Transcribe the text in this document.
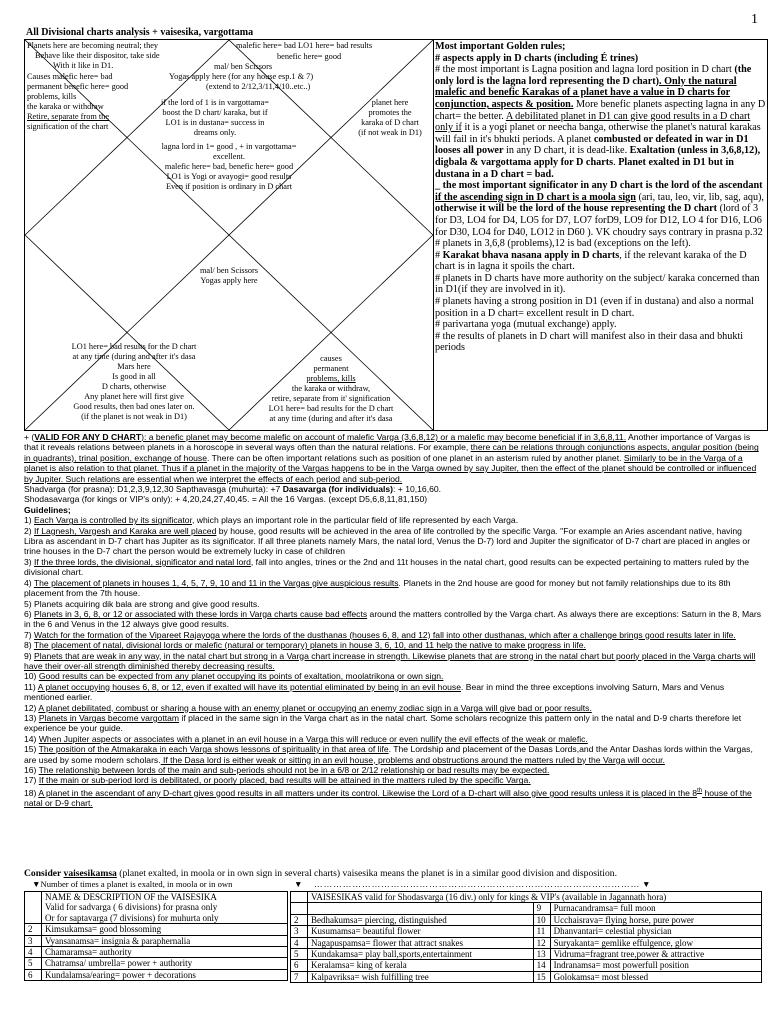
1
All Divisional charts analysis + vaisesika, vargottama
Planets here are becoming neutral; they
Behave like their dispositor, take side
With it like in D1.
malefic here= bad LO1 here= bad results
benefic here= good
mal/ ben Scissors
Yogas apply here (for any house esp.1 & 7)
(extend to 2/12,3/11,4/10..etc..)
Causes malefic here= bad
permanent benefic here= good
problems, kills
the karaka or withdraw
Retire, separate from the
signification of the chart
if the lord of 1 is in vargottama=
boost the D chart/ karaka, but if
LO1 is in dustana= success in
dreams only.
planet here
promotes the
karaka of D chart
(if not weak in D1)
lagna lord in 1= good , + in vargottama=
excellent.
malefic here= bad, benefic here= good
LO1 is Yogi or avayogi= good results
Even if position is ordinary in D chart
mal/ ben Scissors
Yogas apply here
LO1 here= bad results for the D chart
at any time (during and after it's dasa
Mars here
Is good in all
D charts, otherwise
Any planet here will first give
Good results, then bad ones later on.
(if the planet is not weak in D1)
causes
permanent
problems, kills
the karaka or withdraw,
retire, separate from it' signification
LO1 here= bad results for the D chart
at any time (during and after it's dasa

Most important Golden rules;

# aspects apply in D charts (including É trines)

# the most important is Lagna position and lagna lord position in D chart (the only lord is the lagna lord representing the D chart). Only the natural malefic and benefic Karakas of a planet have a value in D charts for conjunction, aspects & position. More benefic planets aspecting lagna in any D chart= the better. A debilitated planet in D1 can give good results in a D chart only if it is a yogi planet or neecha banga, otherwise the planet's natural karakas will fail in it's bhukti periods. A planet combusted or defeated in war in D1 looses all power in any D chart, it is dead-like. Exaltation (unless in 3,6,8,12), digbala & vargottama apply for D charts. Planet exalted in D1 but in dustana in a D chart = bad.

_ the most important significator in any D chart is the lord of the ascendant if the ascending sign in D chart is a moola sign (ari, tau, leo, vir, lib, sag, aqu), otherwise it will be the lord of the house representing the D chart (lord of 3 for D3, LO4 for D4, LO5 for D7, LO7 forD9, LO9 for D12, LO 4 for D16, LO6 for D30, LO4 for D40, LO12 in D60 ). VK choudry says contrary in prasna p.32

# planets in 3,6,8 (problems),12 is bad (exceptions on the left).

# Karakat bhava nasana apply in D charts, if the relevant karaka of the D chart is in lagna it spoils the chart.

# planets in D charts have more authority on the subject/ karaka concerned than in D1(if they are involved in it).

# planets having a strong position in D1 (even if in dustana) and also a normal position in a D chart= excellent result in D chart.

# parivartana yoga (mutual exchange) apply.

# the results of planets in D chart will manifest also in their dasa and bhukti periods

+ (VALID FOR ANY D CHART): a benefic planet may become malefic on account of malefic Varga (3,6,8,12) or a malefic may become beneficial if in 3,6,8,11. Another importance of Vargas is that it reveals relations between planets in a horoscope in several ways often than the natural relations. For example, there can be relations through conjunctions aspects, angular position (being in quadrants), trinal position, exchange of house. There can be often important relations such as position of one planet in an asterism ruled by another planet. Similarly to be in the Varga of a planet is also relation to that planet. Thus if a planet in the majority of the Vargas happens to be in the Varga owned by say Jupiter, then the effect of the planet should be controlled or influenced by Jupiter. Such relations are essential when we interpret the effects of each period and sub-period.

Shadvarga (for prasna): D1,2,3,9,12,30 Sapthavasga (muhurta): +7 Dasavarga (for individuals): + 10,16,60.

Shodasavarga (for kings or VIP's only): + 4,20,24,27,40,45. = All the 16 Vargas. (except D5,6,8,11,81,150)

Guidelines;

1) Each Varga is controlled by its significator, which plays an important role in the particular field of life represented by each Varga.

2) If Lagnesh, Vargesh and Karaka are well placed by house, good results will be achieved in the area of life controlled by the specific Varga. "For example an Aries ascendant native, having Libra as ascendant in D-7 chart has Jupiter as its significator. If all three planets namely Mars, the natal lord, Venus the D-7) lord and Jupiter the significator of D-7 chart are placed in angles or trine houses in the D-7 chart the person would be extremely lucky in case of children

3) If the three lords, the divisional, significator and natal lord, fall into angles, trines or the 2nd and 11t houses in the natal chart, good results can be expected pertaining to matters ruled by the divisional chart.

4) The placement of planets in houses 1, 4, 5, 7, 9, 10 and 11 in the Vargas give auspicious results. Planets in the 2nd house are good for money but not family relationships due to its 8th placement from the 7th house.

5) Planets acquiring dik bala are strong and give good results.

6) Planets in 3, 6, 8, or 12 or associated with these lords in Varga charts cause bad effects around the matters controlled by the Varga chart. As always there are exceptions: Saturn in the 8, Mars in the 6 and Venus in the 12 always give good results.

7) Watch for the formation of the Vipareet Rajayoga where the lords of the dusthanas (houses 6, 8, and 12) fall into other dusthanas, which after a challenge brings good results later in life.

8) The placement of natal, divisional lords or malefic (natural or temporary) planets in house 3, 6, 10, and 11 help the native to make progress in life.

9) Planets that are weak in any way, in the natal chart but strong in a Varga chart increase in strength. Likewise planets that are strong in the natal chart but poorly placed in the Varga charts will have their over-all strength diminished thereby decreasing results.

10) Good results can be expected from any planet occupying its points of exaltation, moolatrikona or own sign.

11) A planet occupying houses 6, 8, or 12, even if exalted will have its potential eliminated by being in an evil house. Bear in mind the three exceptions involving Saturn, Mars and Venus mentioned earlier.

12) A planet debilitated, combust or sharing a house with an enemy planet or occupying an enemy zodiac sign in a Varga will give bad or poor results.

13) Planets in Vargas become vargottam if placed in the same sign in the Varga chart as in the natal chart. Some scholars recognize this pattern only in the natal and D-9 charts therefore let experience be your guide.

14) When Jupiter aspects or associates with a planet in an evil house in a Varga this will reduce or even nullify the evil effects of the weak or malefic.

15) The position of the Atmakaraka in each Varga shows lessons of spirituality in that area of life. The Lordship and placement of the Dasas Lords,and the Antar Dashas lords within the Vargas, are used by some modern scholars. If the Dasa lord is either weak or sitting in an evil house, problems and obstructions around the matters ruled by the Varga will occur.

16) The relationship between lords of the main and sub-periods should not be in a 6/8 or 2/12 relationship or bad results may be expected.

17) If the main or sub-period lord is debilitated, or poorly placed, bad results will be attained in the matters ruled by the specific Varga.

18) A planet in the ascendant of any D-chart gives good results in all matters under its control. Likewise the Lord of a D-chart will also give good results unless it is placed in the 8th house of the natal or D-9 chart.

Consider vaisesikamsa (planet exalted, in moola or in own sign in several charts) vaisesika means the planet is in a similar good division and disposition.

▼Number of times a planet is exalted, in moola or in own	▼ ………………………………………………………………………………………… ▼

	NAME & DESCRIPTION OF the VAISESIKA
Valid for sadvarga ( 6 divisions) for prasna only
Or for saptavarga (7 divisions) for muhurta only

2	Kimsukamsa= good blossoming
3	Vyansanamsa= insignia & paraphernalia
4	Chamaramsa= authority
5	Chatramsa/ umbrella= power + authority
6	Kundalamsa/earing= power + decorations
	VAISESIKAS valid for Shodasvarga (16 div.) only for kings & VIP's (available in Jagannath hora)		
		9	Purnacandramsa= full moon
2	Bedhakumsa= piercing, distinguished	10	Ucchaisrava= flying horse, pure power
3	Kusumamsa= beautiful flower	11	Dhanvantari= celestial physician
4	Nagapuspamsa= flower that attract snakes	12	Suryakanta= gemlike effulgence, glow
5	Kundakamsa= play ball,sports,entertainment	13	Vidruma=fragrant tree,power & attractive
6	Keralamsa= king of kerala	14	Indranamsa= most powerfull position
7	Kalpavriksa= wish fulfilling tree	15	Golokamsa= most blessed
